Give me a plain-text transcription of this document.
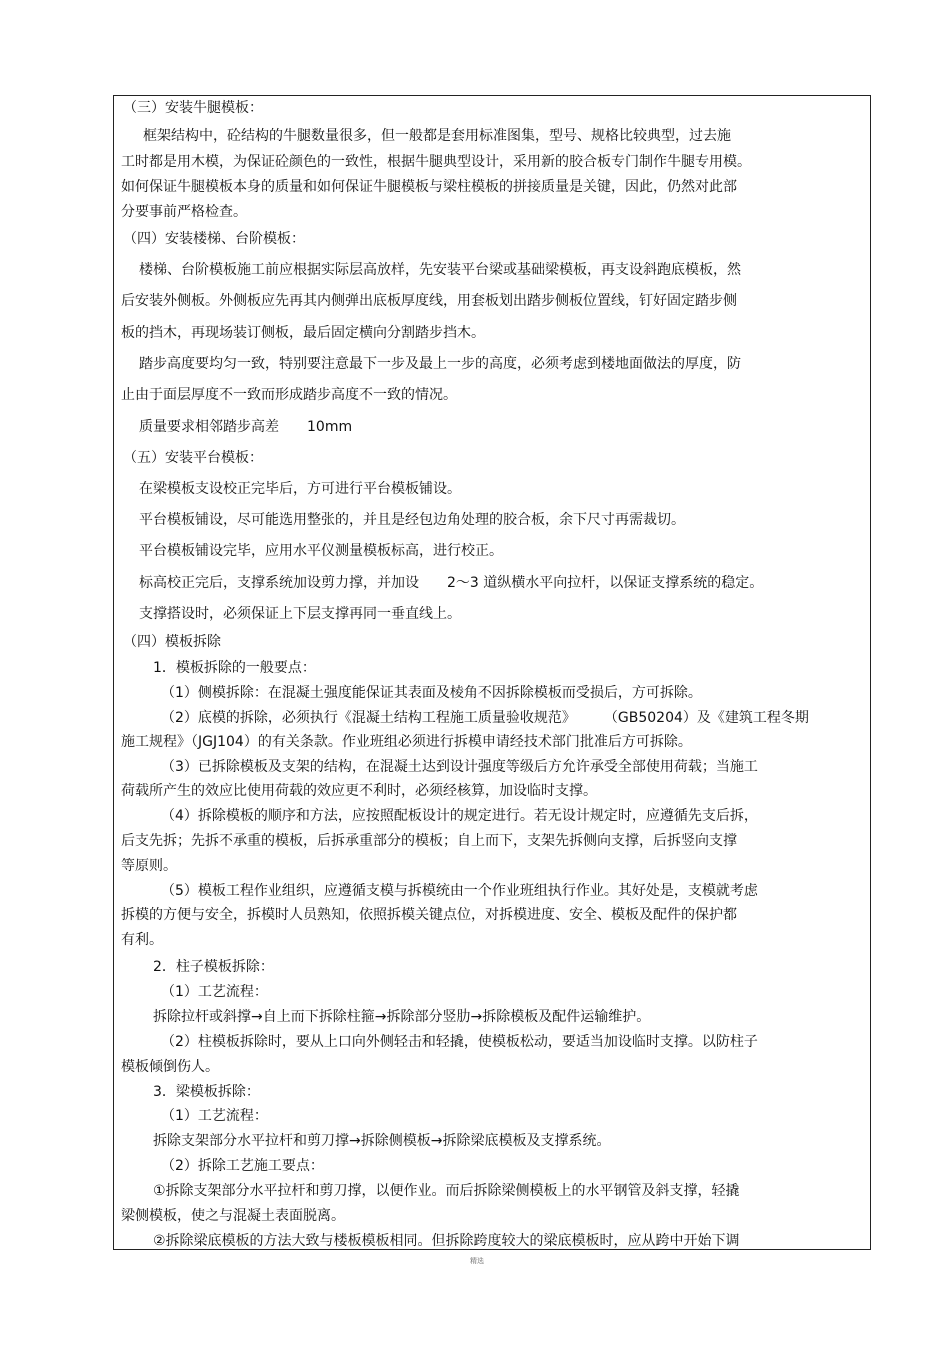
（三）安装牛腿模板：
框架结构中，砼结构的牛腿数量很多，但一般都是套用标准图集，型号、规格比较典型，过去施
工时都是用木模，为保证砼颜色的一致性，根据牛腿典型设计，采用新的胶合板专门制作牛腿专用模。
如何保证牛腿模板本身的质量和如何保证牛腿模板与梁柱模板的拼接质量是关键，因此，仍然对此部
分要事前严格检查。
（四）安装楼梯、台阶模板：
楼梯、台阶模板施工前应根据实际层高放样，先安装平台梁或基础梁模板，再支设斜跑底模板，然
后安装外侧板。外侧板应先再其内侧弹出底板厚度线，用套板划出踏步侧板位置线，钉好固定踏步侧
板的挡木，再现场装订侧板，最后固定横向分割踏步挡木。
踏步高度要均匀一致，特别要注意最下一步及最上一步的高度，必须考虑到楼地面做法的厚度，防
止由于面层厚度不一致而形成踏步高度不一致的情况。
质量要求相邻踏步高差　　10mm
（五）安装平台模板：
在梁模板支设校正完毕后，方可进行平台模板铺设。
平台模板铺设，尽可能选用整张的，并且是经包边角处理的胶合板，余下尺寸再需裁切。
平台模板铺设完毕，应用水平仪测量模板标高，进行校正。
标高校正完后，支撑系统加设剪力撑，并加设　　2～3 道纵横水平向拉杆，以保证支撑系统的稳定。
支撑搭设时，必须保证上下层支撑再同一垂直线上。
（四）模板拆除
1．模板拆除的一般要点：
（1）侧模拆除：在混凝土强度能保证其表面及棱角不因拆除模板而受损后，方可拆除。
（2）底模的拆除，必须执行《混凝土结构工程施工质量验收规范》　　　（GB50204）及《建筑工程冬期
施工规程》（JGJ104）的有关条款。作业班组必须进行拆模申请经技术部门批准后方可拆除。
（3）已拆除模板及支架的结构，在混凝土达到设计强度等级后方允许承受全部使用荷载；当施工
荷载所产生的效应比使用荷载的效应更不利时，必须经核算，加设临时支撑。
（4）拆除模板的顺序和方法，应按照配板设计的规定进行。若无设计规定时，应遵循先支后拆，
后支先拆；先拆不承重的模板，后拆承重部分的模板；自上而下，支架先拆侧向支撑，后拆竖向支撑
等原则。
（5）模板工程作业组织，应遵循支模与拆模统由一个作业班组执行作业。其好处是，支模就考虑
拆模的方便与安全，拆模时人员熟知，依照拆模关键点位，对拆模进度、安全、模板及配件的保护都
有利。
2．柱子模板拆除：
（1）工艺流程：
拆除拉杆或斜撑→自上而下拆除柱箍→拆除部分竖肋→拆除模板及配件运输维护。
（2）柱模板拆除时，要从上口向外侧轻击和轻撬，使模板松动，要适当加设临时支撑。以防柱子
模板倾倒伤人。
3．梁模板拆除：
（1）工艺流程：
拆除支架部分水平拉杆和剪刀撑→拆除侧模板→拆除梁底模板及支撑系统。
（2）拆除工艺施工要点：
①拆除支架部分水平拉杆和剪刀撑，以便作业。而后拆除梁侧模板上的水平钢管及斜支撑，轻撬
梁侧模板，使之与混凝土表面脱离。
②拆除梁底模板的方法大致与楼板模板相同。但拆除跨度较大的梁底模板时，应从跨中开始下调
精选
